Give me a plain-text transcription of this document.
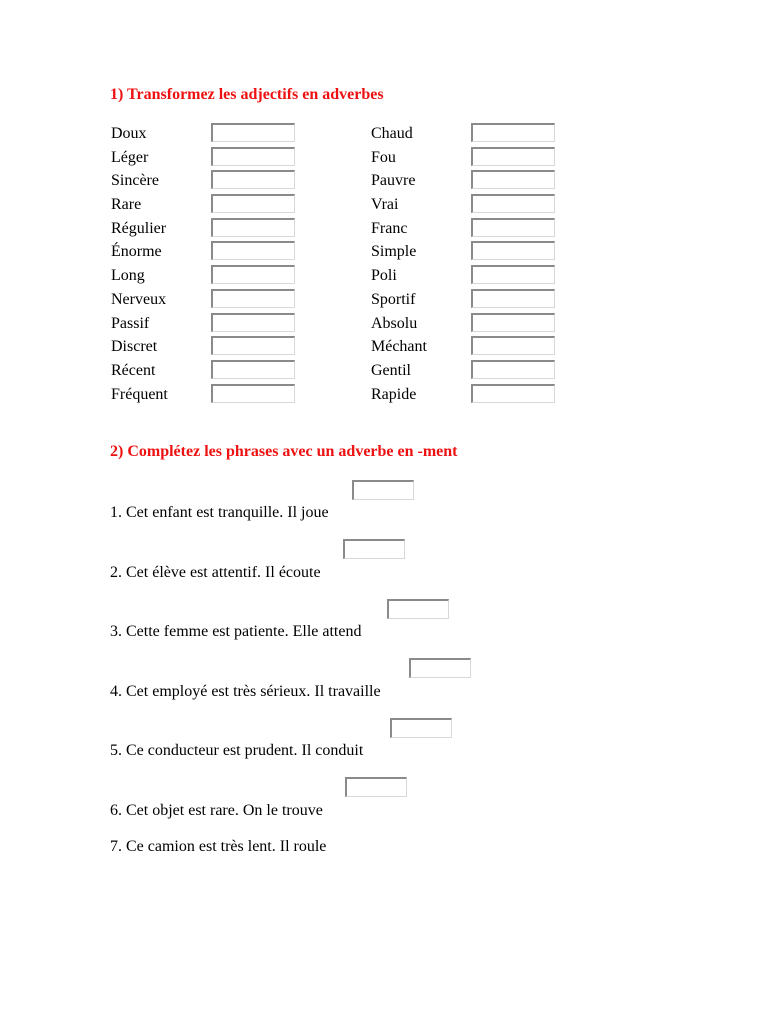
1) Transformez les adjectifs en adverbes
Doux
Léger
Sincère
Rare
Régulier
Énorme
Long
Nerveux
Passif
Discret
Récent
Fréquent
Chaud
Fou
Pauvre
Vrai
Franc
Simple
Poli
Sportif
Absolu
Méchant
Gentil
Rapide
2) Complétez les phrases avec un adverbe en -ment
1. Cet enfant est tranquille. Il joue
2. Cet élève est attentif. Il écoute
3. Cette femme est patiente. Elle attend
4. Cet employé est très sérieux. Il travaille
5. Ce conducteur est prudent. Il conduit
6. Cet objet est rare. On le trouve
7. Ce camion est très lent. Il roule
